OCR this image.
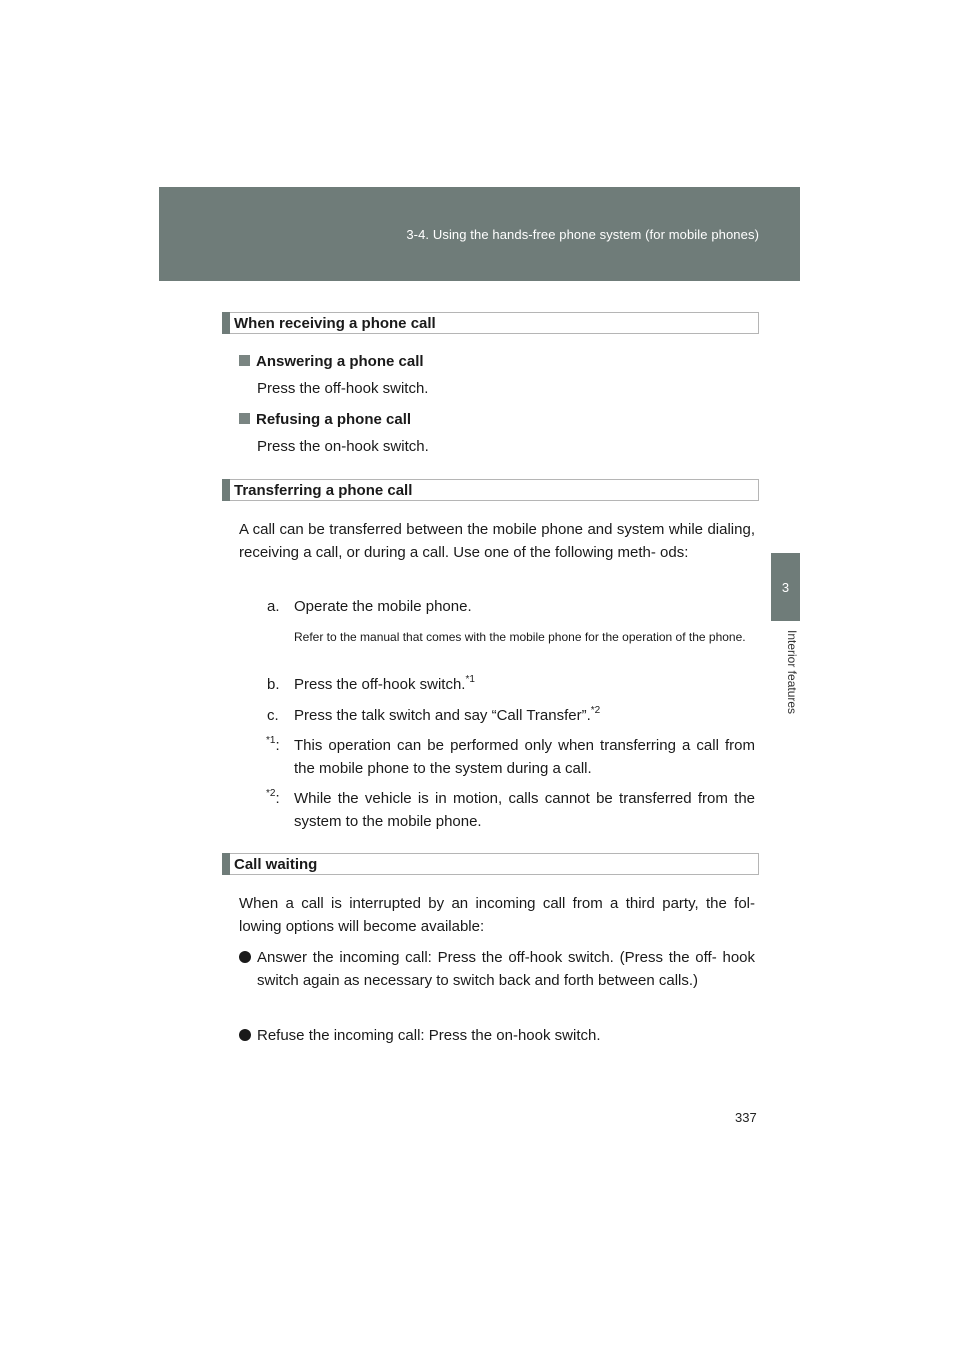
3-4. Using the hands-free phone system (for mobile phones)
3
Interior features
When receiving a phone call
Answering a phone call
Press the off-hook switch.
Refusing a phone call
Press the on-hook switch.
Transferring a phone call
A call can be transferred between the mobile phone and system while dialing, receiving a call, or during a call. Use one of the following meth- ods:
a. Operate the mobile phone.
Refer to the manual that comes with the mobile phone for the operation of the phone.
b. Press the off-hook switch.$^{*1}$
c. Press the talk switch and say “Call Transfer”.$^{*2}$
$^{*1}$: This operation can be performed only when transferring a call from the mobile phone to the system during a call.
$^{*2}$: While the vehicle is in motion, calls cannot be transferred from the system to the mobile phone.
Call waiting
When a call is interrupted by an incoming call from a third party, the fol- lowing options will become available:
Answer the incoming call: Press the off-hook switch. (Press the off- hook switch again as necessary to switch back and forth between calls.)
Refuse the incoming call: Press the on-hook switch.
337
